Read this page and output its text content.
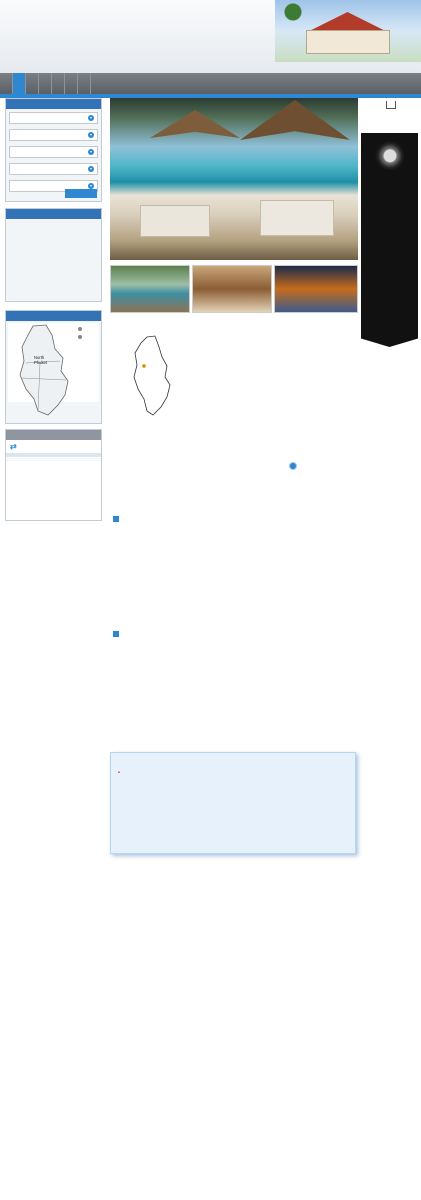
North
Phuket
⇄

•
